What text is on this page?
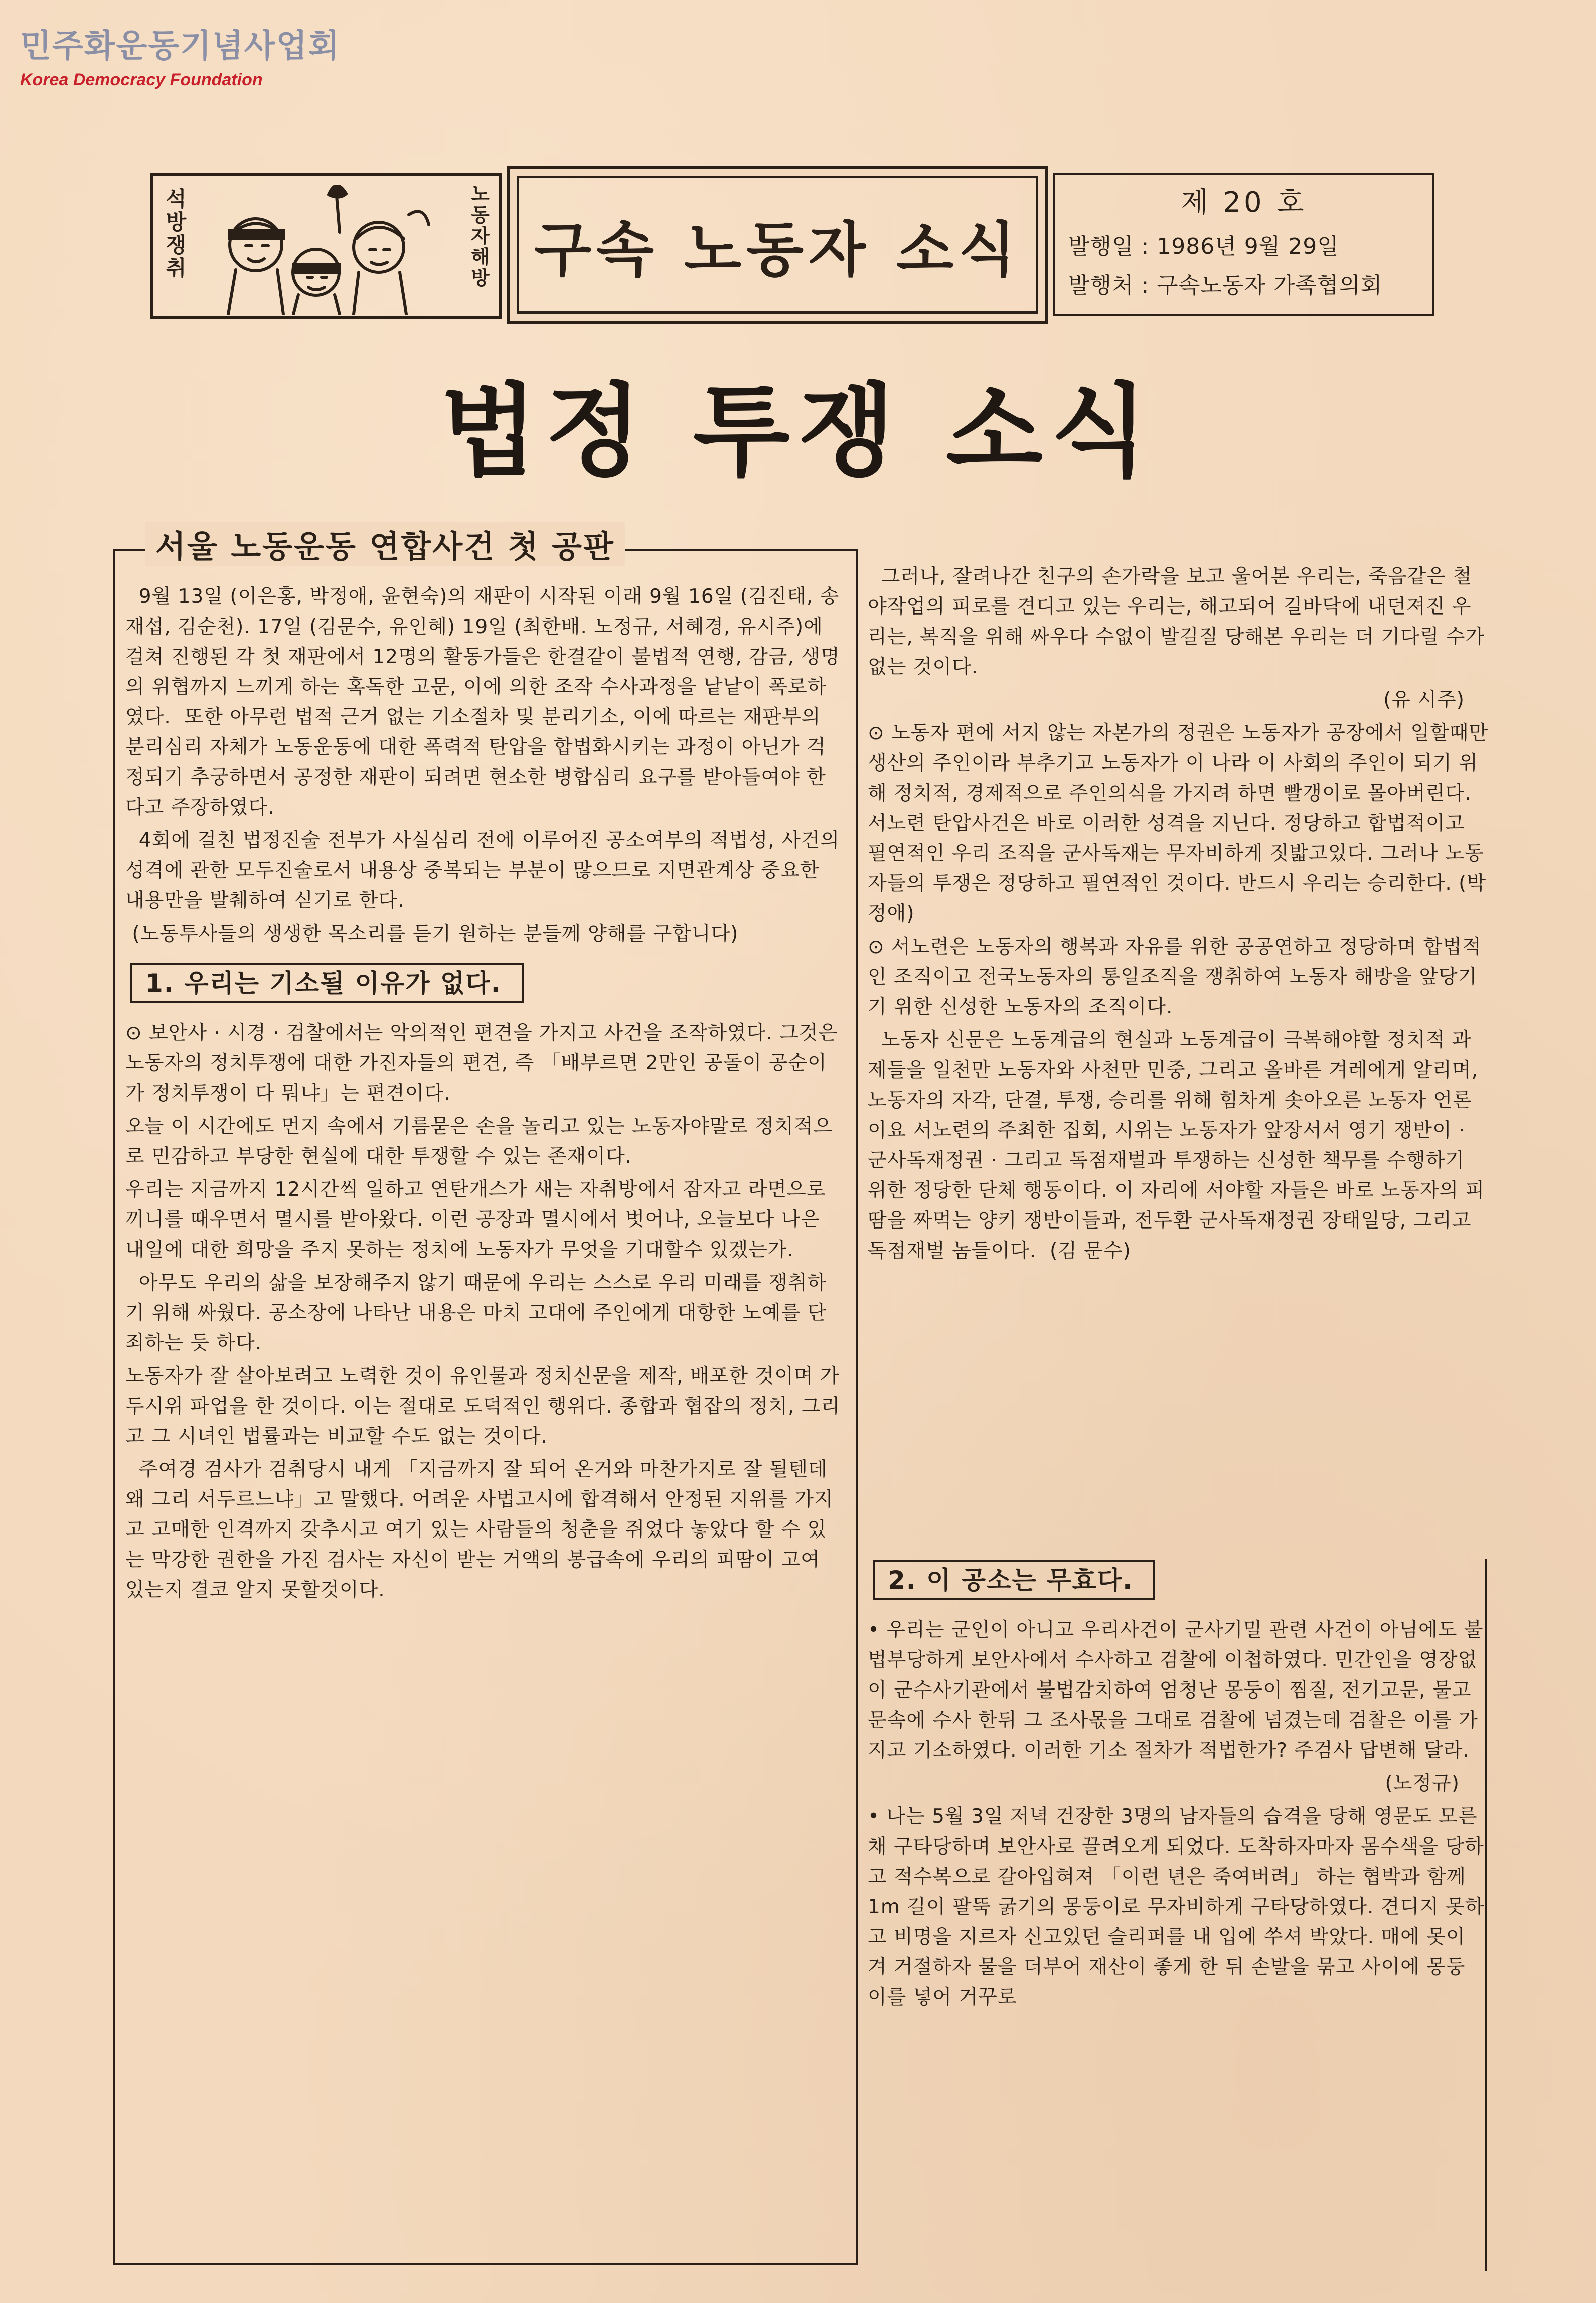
민주화운동기념사업회
Korea Democracy Foundation
석방쟁취	노동자해방 구속 노동자 소식
제 20 호
발행일 : 1986년 9월 29일
발행처 : 구속노동자 가족협의회
법정 투쟁 소식
서울 노동운동 연합사건 첫 공판

9월 13일 (이은홍, 박정애, 윤현숙)의 재판이 시작된 이래 9월 16일 (김진태, 송재섭, 김순천). 17일 (김문수, 유인혜) 19일 (최한배. 노정규, 서혜경, 유시주)에 걸쳐 진행된 각 첫 재판에서 12명의 활동가들은 한결같이 불법적 연행, 감금, 생명의 위협까지 느끼게 하는 혹독한 고문, 이에 의한 조작 수사과정을 낱낱이 폭로하였다.  또한 아무런 법적 근거 없는 기소절차 및 분리기소, 이에 따르는 재판부의 분리심리 자체가 노동운동에 대한 폭력적 탄압을 합법화시키는 과정이 아닌가 걱정되기 추궁하면서 공정한 재판이 되려면 현소한 병합심리 요구를 받아들여야 한다고 주장하였다.

4회에 걸친 법정진술 전부가 사실심리 전에 이루어진 공소여부의 적법성, 사건의 성격에 관한 모두진술로서 내용상 중복되는 부분이 많으므로 지면관계상 중요한 내용만을 발췌하여 싣기로 한다.

(노동투사들의 생생한 목소리를 듣기 원하는 분들께 양해를 구합니다)

1. 우리는 기소될 이유가 없다.

⊙ 보안사 · 시경 · 검찰에서는 악의적인 편견을 가지고 사건을 조작하였다. 그것은 노동자의 정치투쟁에 대한 가진자들의 편견, 즉 「배부르면 2만인 공돌이 공순이가 정치투쟁이 다 뭐냐」는 편견이다.

오늘 이 시간에도 먼지 속에서 기름묻은 손을 놀리고 있는 노동자야말로 정치적으로 민감하고 부당한 현실에 대한 투쟁할 수 있는 존재이다.

우리는 지금까지 12시간씩 일하고 연탄개스가 새는 자취방에서 잠자고 라면으로 끼니를 때우면서 멸시를 받아왔다. 이런 공장과 멸시에서 벗어나, 오늘보다 나은 내일에 대한 희망을 주지 못하는 정치에 노동자가 무엇을 기대할수 있겠는가.

아무도 우리의 삶을 보장해주지 않기 때문에 우리는 스스로 우리 미래를 쟁취하기 위해 싸웠다. 공소장에 나타난 내용은 마치 고대에 주인에게 대항한 노예를 단죄하는 듯 하다.

노동자가 잘 살아보려고 노력한 것이 유인물과 정치신문을 제작, 배포한 것이며 가두시위 파업을 한 것이다. 이는 절대로 도덕적인 행위다. 종합과 협잡의 정치, 그리고 그 시녀인 법률과는 비교할 수도 없는 것이다.

주여경 검사가 검취당시 내게 「지금까지 잘 되어 온거와 마찬가지로 잘 될텐데 왜 그리 서두르느냐」고 말했다. 어려운 사법고시에 합격해서 안정된 지위를 가지고 고매한 인격까지 갖추시고 여기 있는 사람들의 청춘을 쥐었다 놓았다 할 수 있는 막강한 권한을 가진 검사는 자신이 받는 거액의 봉급속에 우리의 피땀이 고여 있는지 결코 알지 못할것이다.

그러나, 잘려나간 친구의 손가락을 보고 울어본 우리는, 죽음같은 철야작업의 피로를 견디고 있는 우리는, 해고되어 길바닥에 내던져진 우리는, 복직을 위해 싸우다 수없이 발길질 당해본 우리는 더 기다릴 수가 없는 것이다.

(유 시주)

⊙ 노동자 편에 서지 않는 자본가의 정권은 노동자가 공장에서 일할때만 생산의 주인이라 부추기고 노동자가 이 나라 이 사회의 주인이 되기 위해 정치적, 경제적으로 주인의식을 가지려 하면 빨갱이로 몰아버린다. 서노련 탄압사건은 바로 이러한 성격을 지닌다. 정당하고 합법적이고 필연적인 우리 조직을 군사독재는 무자비하게 짓밟고있다. 그러나 노동자들의 투쟁은 정당하고 필연적인 것이다. 반드시 우리는 승리한다. (박정애)

⊙ 서노련은 노동자의 행복과 자유를 위한 공공연하고 정당하며 합법적인 조직이고 전국노동자의 통일조직을 쟁취하여 노동자 해방을 앞당기기 위한 신성한 노동자의 조직이다.

노동자 신문은 노동계급의 현실과 노동계급이 극복해야할 정치적 과제들을 일천만 노동자와 사천만 민중, 그리고 올바른 겨레에게 알리며, 노동자의 자각, 단결, 투쟁, 승리를 위해 힘차게 솟아오른 노동자 언론이요 서노련의 주최한 집회, 시위는 노동자가 앞장서서 영기 쟁반이 · 군사독재정권 · 그리고 독점재벌과 투쟁하는 신성한 책무를 수행하기 위한 정당한 단체 행동이다. 이 자리에 서야할 자들은 바로 노동자의 피땀을 짜먹는 양키 쟁반이들과, 전두환 군사독재정권 장태일당, 그리고 독점재벌 놈들이다.  (김 문수)

2. 이 공소는 무효다.

• 우리는 군인이 아니고 우리사건이 군사기밀 관련 사건이 아님에도 불법부당하게 보안사에서 수사하고 검찰에 이첩하였다. 민간인을 영장없이 군수사기관에서 불법감치하여 엄청난 몽둥이 찜질, 전기고문, 물고문속에 수사 한뒤 그 조사몫을 그대로 검찰에 넘겼는데 검찰은 이를 가지고 기소하였다. 이러한 기소 절차가 적법한가? 주검사 답변해 달라.

(노정규)

• 나는 5월 3일 저녁 건장한 3명의 남자들의 습격을 당해 영문도 모른채 구타당하며 보안사로 끌려오게 되었다. 도착하자마자 몸수색을 당하고 적수복으로 갈아입혀져 「이런 년은 죽여버려」 하는 협박과 함께 1m 길이 팔뚝 굵기의 몽둥이로 무자비하게 구타당하였다. 견디지 못하고 비명을 지르자 신고있던 슬리퍼를 내 입에 쑤셔 박았다. 매에 못이겨 거절하자 물을 더부어 재산이 좋게 한 뒤 손발을 묶고 사이에 몽둥이를 넣어 거꾸로
